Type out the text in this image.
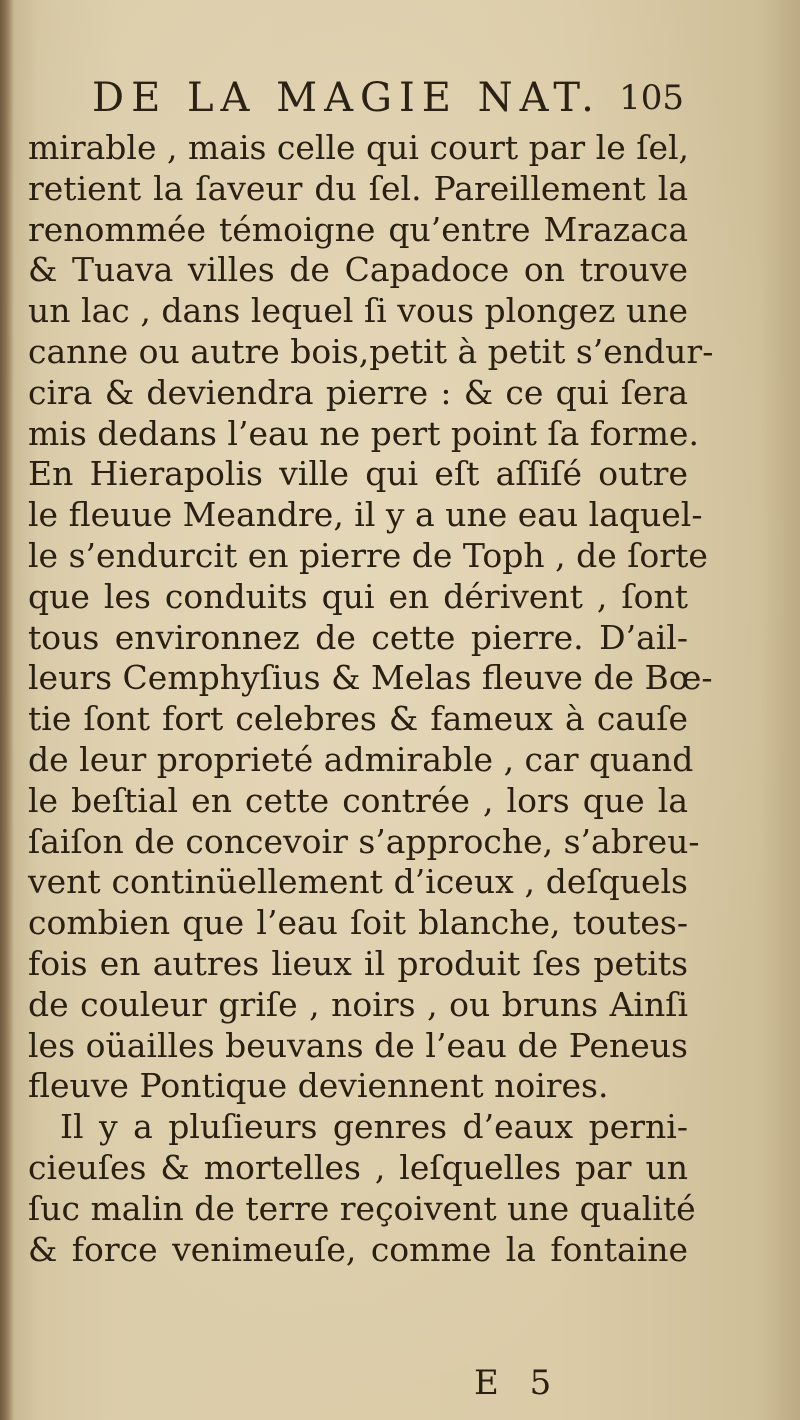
DE LA MAGIE NAT. 105
mirable , mais celle qui court par le ſel,
retient la ſaveur du ſel. Pareillement la
renommée témoigne qu’entre Mrazaca
& Tuava villes de Capadoce on trouve
un lac , dans lequel ſi vous plongez une
canne ou autre bois,petit à petit s’endur-
cira & deviendra pierre : & ce qui ſera
mis dedans l’eau ne pert point ſa forme.
En Hierapolis ville qui eſt aſſiſé outre
le fleuue Meandre, il y a une eau laquel-
le s’endurcit en pierre de Toph , de ſorte
que les conduits qui en dérivent , ſont
tous environnez de cette pierre. D’ail-
leurs Cemphyſius & Melas fleuve de Bœ-
tie ſont fort celebres & fameux à cauſe
de leur proprieté admirable , car quand
le beſtial en cette contrée , lors que la
ſaiſon de concevoir s’approche, s’abreu-
vent continüellement d’iceux , deſquels
combien que l’eau ſoit blanche, toutes-
fois en autres lieux il produit ſes petits
de couleur griſe , noirs , ou bruns Ainſi
les oüailles beuvans de l’eau de Peneus
fleuve Pontique deviennent noires.
Il y a pluſieurs genres d’eaux perni-
cieuſes & mortelles , leſquelles par un
ſuc malin de terre reçoivent une qualité
& force venimeuſe, comme la fontaine
E 5
